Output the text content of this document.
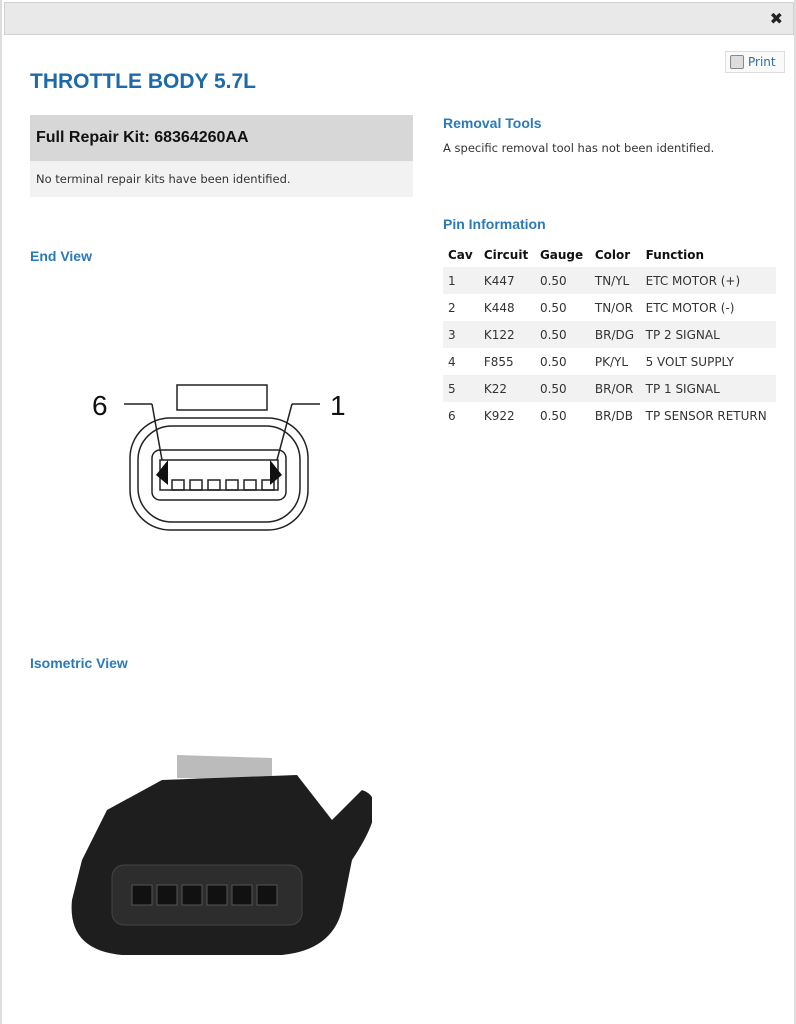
✖
Print
THROTTLE BODY 5.7L
Full Repair Kit: 68364260AA
No terminal repair kits have been identified.
Removal Tools
A specific removal tool has not been identified.
Pin Information
Cav	Circuit	Gauge	Color	Function
1	K447	0.50	TN/YL	ETC MOTOR (+)
2	K448	0.50	TN/OR	ETC MOTOR (-)
3	K122	0.50	BR/DG	TP 2 SIGNAL
4	F855	0.50	PK/YL	5 VOLT SUPPLY
5	K22	0.50	BR/OR	TP 1 SIGNAL
6	K922	0.50	BR/DB	TP SENSOR RETURN
End View
6	1
Isometric View
